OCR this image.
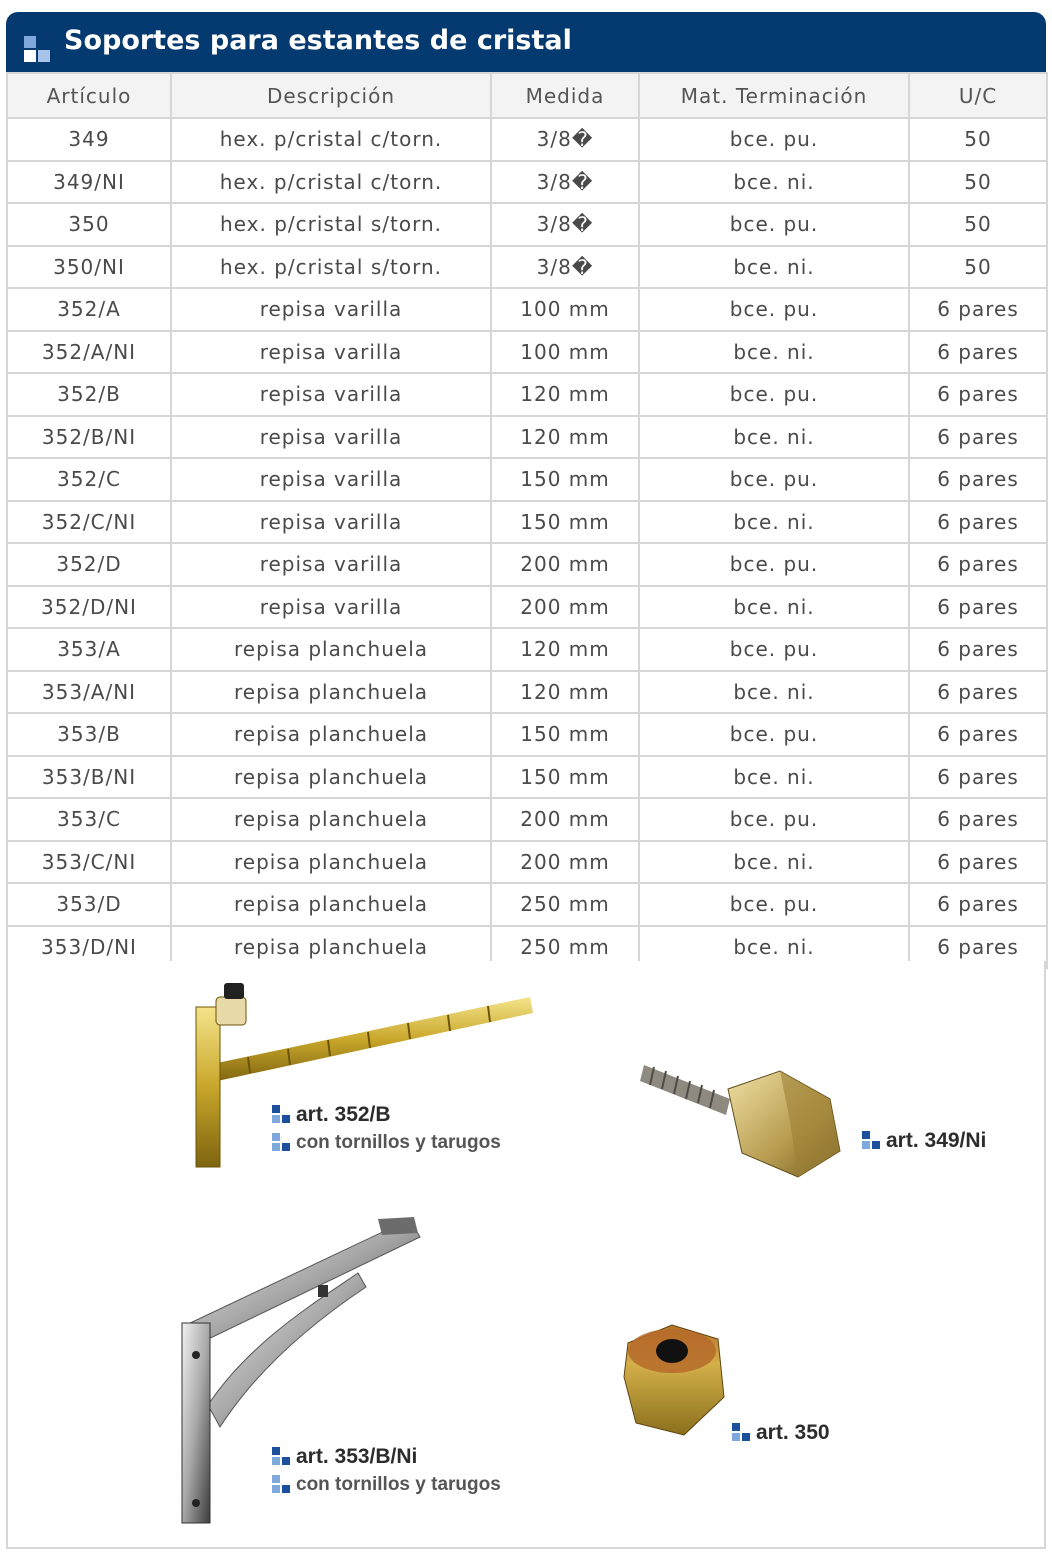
Soportes para estantes de cristal
Artículo	Descripción	Medida	Mat. Terminación	U/C
349	hex. p/cristal c/torn.	3/8�	bce. pu.	50
349/NI	hex. p/cristal c/torn.	3/8�	bce. ni.	50
350	hex. p/cristal s/torn.	3/8�	bce. pu.	50
350/NI	hex. p/cristal s/torn.	3/8�	bce. ni.	50
352/A	repisa varilla	100 mm	bce. pu.	6 pares
352/A/NI	repisa varilla	100 mm	bce. ni.	6 pares
352/B	repisa varilla	120 mm	bce. pu.	6 pares
352/B/NI	repisa varilla	120 mm	bce. ni.	6 pares
352/C	repisa varilla	150 mm	bce. pu.	6 pares
352/C/NI	repisa varilla	150 mm	bce. ni.	6 pares
352/D	repisa varilla	200 mm	bce. pu.	6 pares
352/D/NI	repisa varilla	200 mm	bce. ni.	6 pares
353/A	repisa planchuela	120 mm	bce. pu.	6 pares
353/A/NI	repisa planchuela	120 mm	bce. ni.	6 pares
353/B	repisa planchuela	150 mm	bce. pu.	6 pares
353/B/NI	repisa planchuela	150 mm	bce. ni.	6 pares
353/C	repisa planchuela	200 mm	bce. pu.	6 pares
353/C/NI	repisa planchuela	200 mm	bce. ni.	6 pares
353/D	repisa planchuela	250 mm	bce. pu.	6 pares
353/D/NI	repisa planchuela	250 mm	bce. ni.	6 pares
art. 352/B
con tornillos y tarugos	art. 349/Ni
art. 353/B/Ni
con tornillos y tarugos
art. 350
